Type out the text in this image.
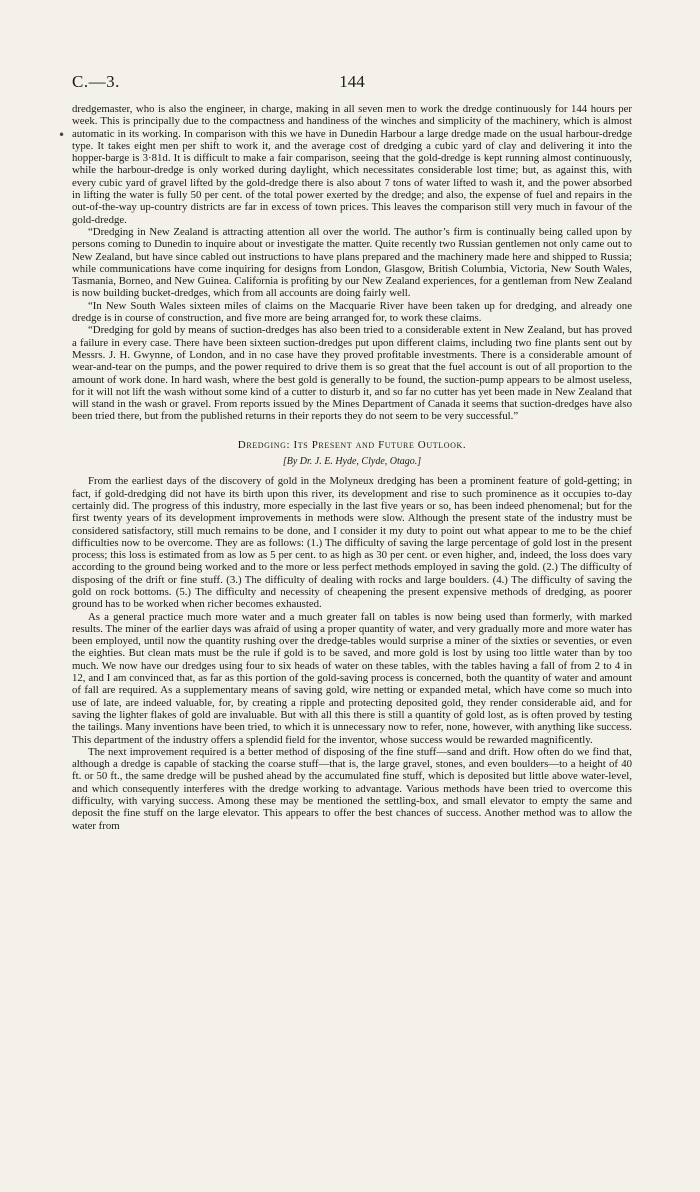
C.—3.	144
•

dredgemaster, who is also the engineer, in charge, making in all seven men to work the dredge continuously for 144 hours per week. This is principally due to the compactness and handiness of the winches and simplicity of the machinery, which is almost automatic in its working. In comparison with this we have in Dunedin Harbour a large dredge made on the usual harbour-dredge type. It takes eight men per shift to work it, and the average cost of dredging a cubic yard of clay and delivering it into the hopper-barge is 3·81d. It is difficult to make a fair comparison, seeing that the gold-dredge is kept running almost continuously, while the harbour-dredge is only worked during daylight, which necessitates considerable lost time; but, as against this, with every cubic yard of gravel lifted by the gold-dredge there is also about 7 tons of water lifted to wash it, and the power absorbed in lifting the water is fully 50 per cent. of the total power exerted by the dredge; and also, the expense of fuel and repairs in the out-of-the-way up-country districts are far in excess of town prices. This leaves the comparison still very much in favour of the gold-dredge.

“Dredging in New Zealand is attracting attention all over the world. The author’s firm is continually being called upon by persons coming to Dunedin to inquire about or investigate the matter. Quite recently two Russian gentlemen not only came out to New Zealand, but have since cabled out instructions to have plans prepared and the machinery made here and shipped to Russia; while communications have come inquiring for designs from London, Glasgow, British Columbia, Victoria, New South Wales, Tasmania, Borneo, and New Guinea. California is profiting by our New Zealand experiences, for a gentleman from New Zealand is now building bucket-dredges, which from all accounts are doing fairly well.

“In New South Wales sixteen miles of claims on the Macquarie River have been taken up for dredging, and already one dredge is in course of construction, and five more are being arranged for, to work these claims.

“Dredging for gold by means of suction-dredges has also been tried to a considerable extent in New Zealand, but has proved a failure in every case. There have been sixteen suction-dredges put upon different claims, including two fine plants sent out by Messrs. J. H. Gwynne, of London, and in no case have they proved profitable investments. There is a considerable amount of wear-and-tear on the pumps, and the power required to drive them is so great that the fuel account is out of all proportion to the amount of work done. In hard wash, where the best gold is generally to be found, the suction-pump appears to be almost useless, for it will not lift the wash without some kind of a cutter to disturb it, and so far no cutter has yet been made in New Zealand that will stand in the wash or gravel. From reports issued by the Mines Department of Canada it seems that suction-dredges have also been tried there, but from the published returns in their reports they do not seem to be very successful.”

Dredging: Its Present and Future Outlook.
[By Dr. J. E. Hyde, Clyde, Otago.]

From the earliest days of the discovery of gold in the Molyneux dredging has been a prominent feature of gold-getting; in fact, if gold-dredging did not have its birth upon this river, its development and rise to such prominence as it occupies to-day certainly did. The progress of this industry, more especially in the last five years or so, has been indeed phenomenal; but for the first twenty years of its development improvements in methods were slow. Although the present state of the industry must be considered satisfactory, still much remains to be done, and I consider it my duty to point out what appear to me to be the chief difficulties now to be overcome. They are as follows: (1.) The difficulty of saving the large percentage of gold lost in the present process; this loss is estimated from as low as 5 per cent. to as high as 30 per cent. or even higher, and, indeed, the loss does vary according to the ground being worked and to the more or less perfect methods employed in saving the gold. (2.) The difficulty of disposing of the drift or fine stuff. (3.) The difficulty of dealing with rocks and large boulders. (4.) The difficulty of saving the gold on rock bottoms. (5.) The difficulty and necessity of cheapening the present expensive methods of dredging, as poorer ground has to be worked when richer becomes exhausted.

As a general practice much more water and a much greater fall on tables is now being used than formerly, with marked results. The miner of the earlier days was afraid of using a proper quantity of water, and very gradually more and more water has been employed, until now the quantity rushing over the dredge-tables would surprise a miner of the sixties or seventies, or even the eighties. But clean mats must be the rule if gold is to be saved, and more gold is lost by using too little water than by too much. We now have our dredges using four to six heads of water on these tables, with the tables having a fall of from 2 to 4 in 12, and I am convinced that, as far as this portion of the gold-saving process is concerned, both the quantity of water and amount of fall are required. As a supplementary means of saving gold, wire netting or expanded metal, which have come so much into use of late, are indeed valuable, for, by creating a ripple and protecting deposited gold, they render considerable aid, and for saving the lighter flakes of gold are invaluable. But with all this there is still a quantity of gold lost, as is often proved by testing the tailings. Many inventions have been tried, to which it is unnecessary now to refer, none, however, with anything like success. This department of the industry offers a splendid field for the inventor, whose success would be rewarded magnificently.

The next improvement required is a better method of disposing of the fine stuff—sand and drift. How often do we find that, although a dredge is capable of stacking the coarse stuff—that is, the large gravel, stones, and even boulders—to a height of 40 ft. or 50 ft., the same dredge will be pushed ahead by the accumulated fine stuff, which is deposited but little above water-level, and which consequently interferes with the dredge working to advantage. Various methods have been tried to overcome this difficulty, with varying success. Among these may be mentioned the settling-box, and small elevator to empty the same and deposit the fine stuff on the large elevator. This appears to offer the best chances of success. Another method was to allow the water from
